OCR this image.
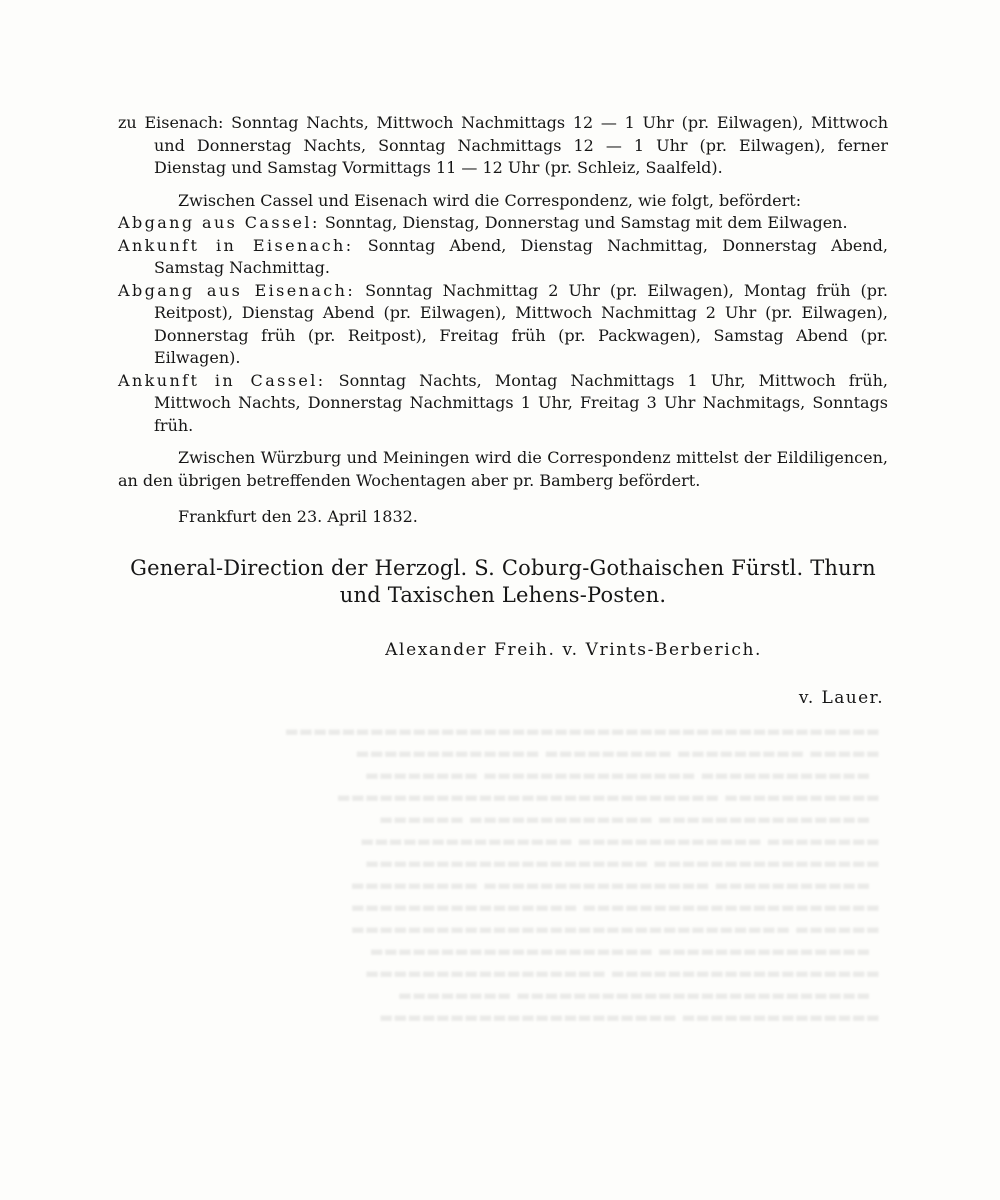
▬▬▬▬▬▬▬▬▬▬▬▬▬▬▬▬▬▬▬▬▬▬▬▬▬▬▬▬▬▬▬▬▬▬▬▬▬▬▬▬▬▬
▬▬▬▬▬ ▬▬▬▬▬▬▬▬▬ ▬▬▬▬▬▬▬▬▬ ▬▬▬▬▬▬▬▬▬▬▬▬▬
▬▬▬▬▬▬▬▬▬▬▬▬ ▬▬▬▬▬▬▬▬▬▬▬▬▬▬▬ ▬▬▬▬▬▬▬▬
▬▬▬▬▬▬▬▬▬▬▬ ▬▬▬▬▬▬▬▬▬▬▬▬▬▬▬▬▬▬▬▬▬▬▬▬▬▬▬
▬▬▬▬▬▬▬▬▬▬▬▬▬▬▬ ▬▬▬▬▬▬▬▬▬▬▬▬▬ ▬▬▬▬▬▬
▬▬▬▬▬▬▬▬ ▬▬▬▬▬▬▬▬▬▬▬▬▬ ▬▬▬▬▬▬▬▬▬▬▬▬▬▬▬
▬▬▬▬▬▬▬▬▬▬▬▬▬▬▬▬ ▬▬▬▬▬▬▬▬▬▬▬▬▬▬▬▬▬▬▬▬
▬▬▬▬▬▬▬▬▬▬▬ ▬▬▬▬▬▬▬▬▬▬▬▬▬▬▬▬ ▬▬▬▬▬▬▬▬▬
▬▬▬▬▬▬▬▬▬▬▬▬▬▬▬▬▬▬▬▬▬ ▬▬▬▬▬▬▬▬▬▬▬▬▬▬▬▬
▬▬▬▬▬▬ ▬▬▬▬▬▬▬▬▬▬▬▬▬▬▬▬▬▬▬▬▬▬▬▬▬▬▬▬▬▬▬
▬▬▬▬▬▬▬▬▬▬▬▬▬▬▬ ▬▬▬▬▬▬▬▬▬▬▬▬▬▬▬▬▬▬▬▬
▬▬▬▬▬▬▬▬▬▬▬▬▬▬▬▬▬▬▬ ▬▬▬▬▬▬▬▬▬▬▬▬▬▬▬▬▬
▬▬▬▬▬▬▬▬▬▬▬▬▬▬▬▬▬▬▬▬▬▬▬▬▬ ▬▬▬▬▬▬▬▬
▬▬▬▬▬▬▬▬▬▬▬▬▬▬ ▬▬▬▬▬▬▬▬▬▬▬▬▬▬▬▬▬▬▬▬▬

zu Eisenach: Sonntag Nachts, Mittwoch Nachmittags 12 — 1 Uhr (pr. Eilwagen), Mittwoch und Donnerstag Nachts, Sonntag Nachmittags 12 — 1 Uhr (pr. Eilwagen), ferner Dienstag und Samstag Vormittags 11 — 12 Uhr (pr. Schleiz, Saalfeld).

Zwischen Cassel und Eisenach wird die Correspondenz, wie folgt, befördert:

Abgang aus Cassel: Sonntag, Dienstag, Donnerstag und Samstag mit dem Eilwagen.

Ankunft in Eisenach: Sonntag Abend, Dienstag Nachmittag, Donnerstag Abend, Samstag Nachmittag.

Abgang aus Eisenach: Sonntag Nachmittag 2 Uhr (pr. Eilwagen), Montag früh (pr. Reitpost), Dienstag Abend (pr. Eilwagen), Mittwoch Nachmittag 2 Uhr (pr. Eilwagen), Donnerstag früh (pr. Reitpost), Freitag früh (pr. Packwagen), Samstag Abend (pr. Eilwagen).

Ankunft in Cassel: Sonntag Nachts, Montag Nachmittags 1 Uhr, Mittwoch früh, Mittwoch Nachts, Donnerstag Nachmittags 1 Uhr, Freitag 3 Uhr Nachmitags, Sonntags früh.

Zwischen Würzburg und Meiningen wird die Correspondenz mittelst der Eildiligencen, an den übrigen betreffenden Wochentagen aber pr. Bamberg befördert.

Frankfurt den 23. April 1832.

General-Direction der Herzogl. S. Coburg-Gothaischen Fürstl. Thurn und Taxischen Lehens-Posten.

Alexander Freih. v. Vrints-Berberich.

v. Lauer.
